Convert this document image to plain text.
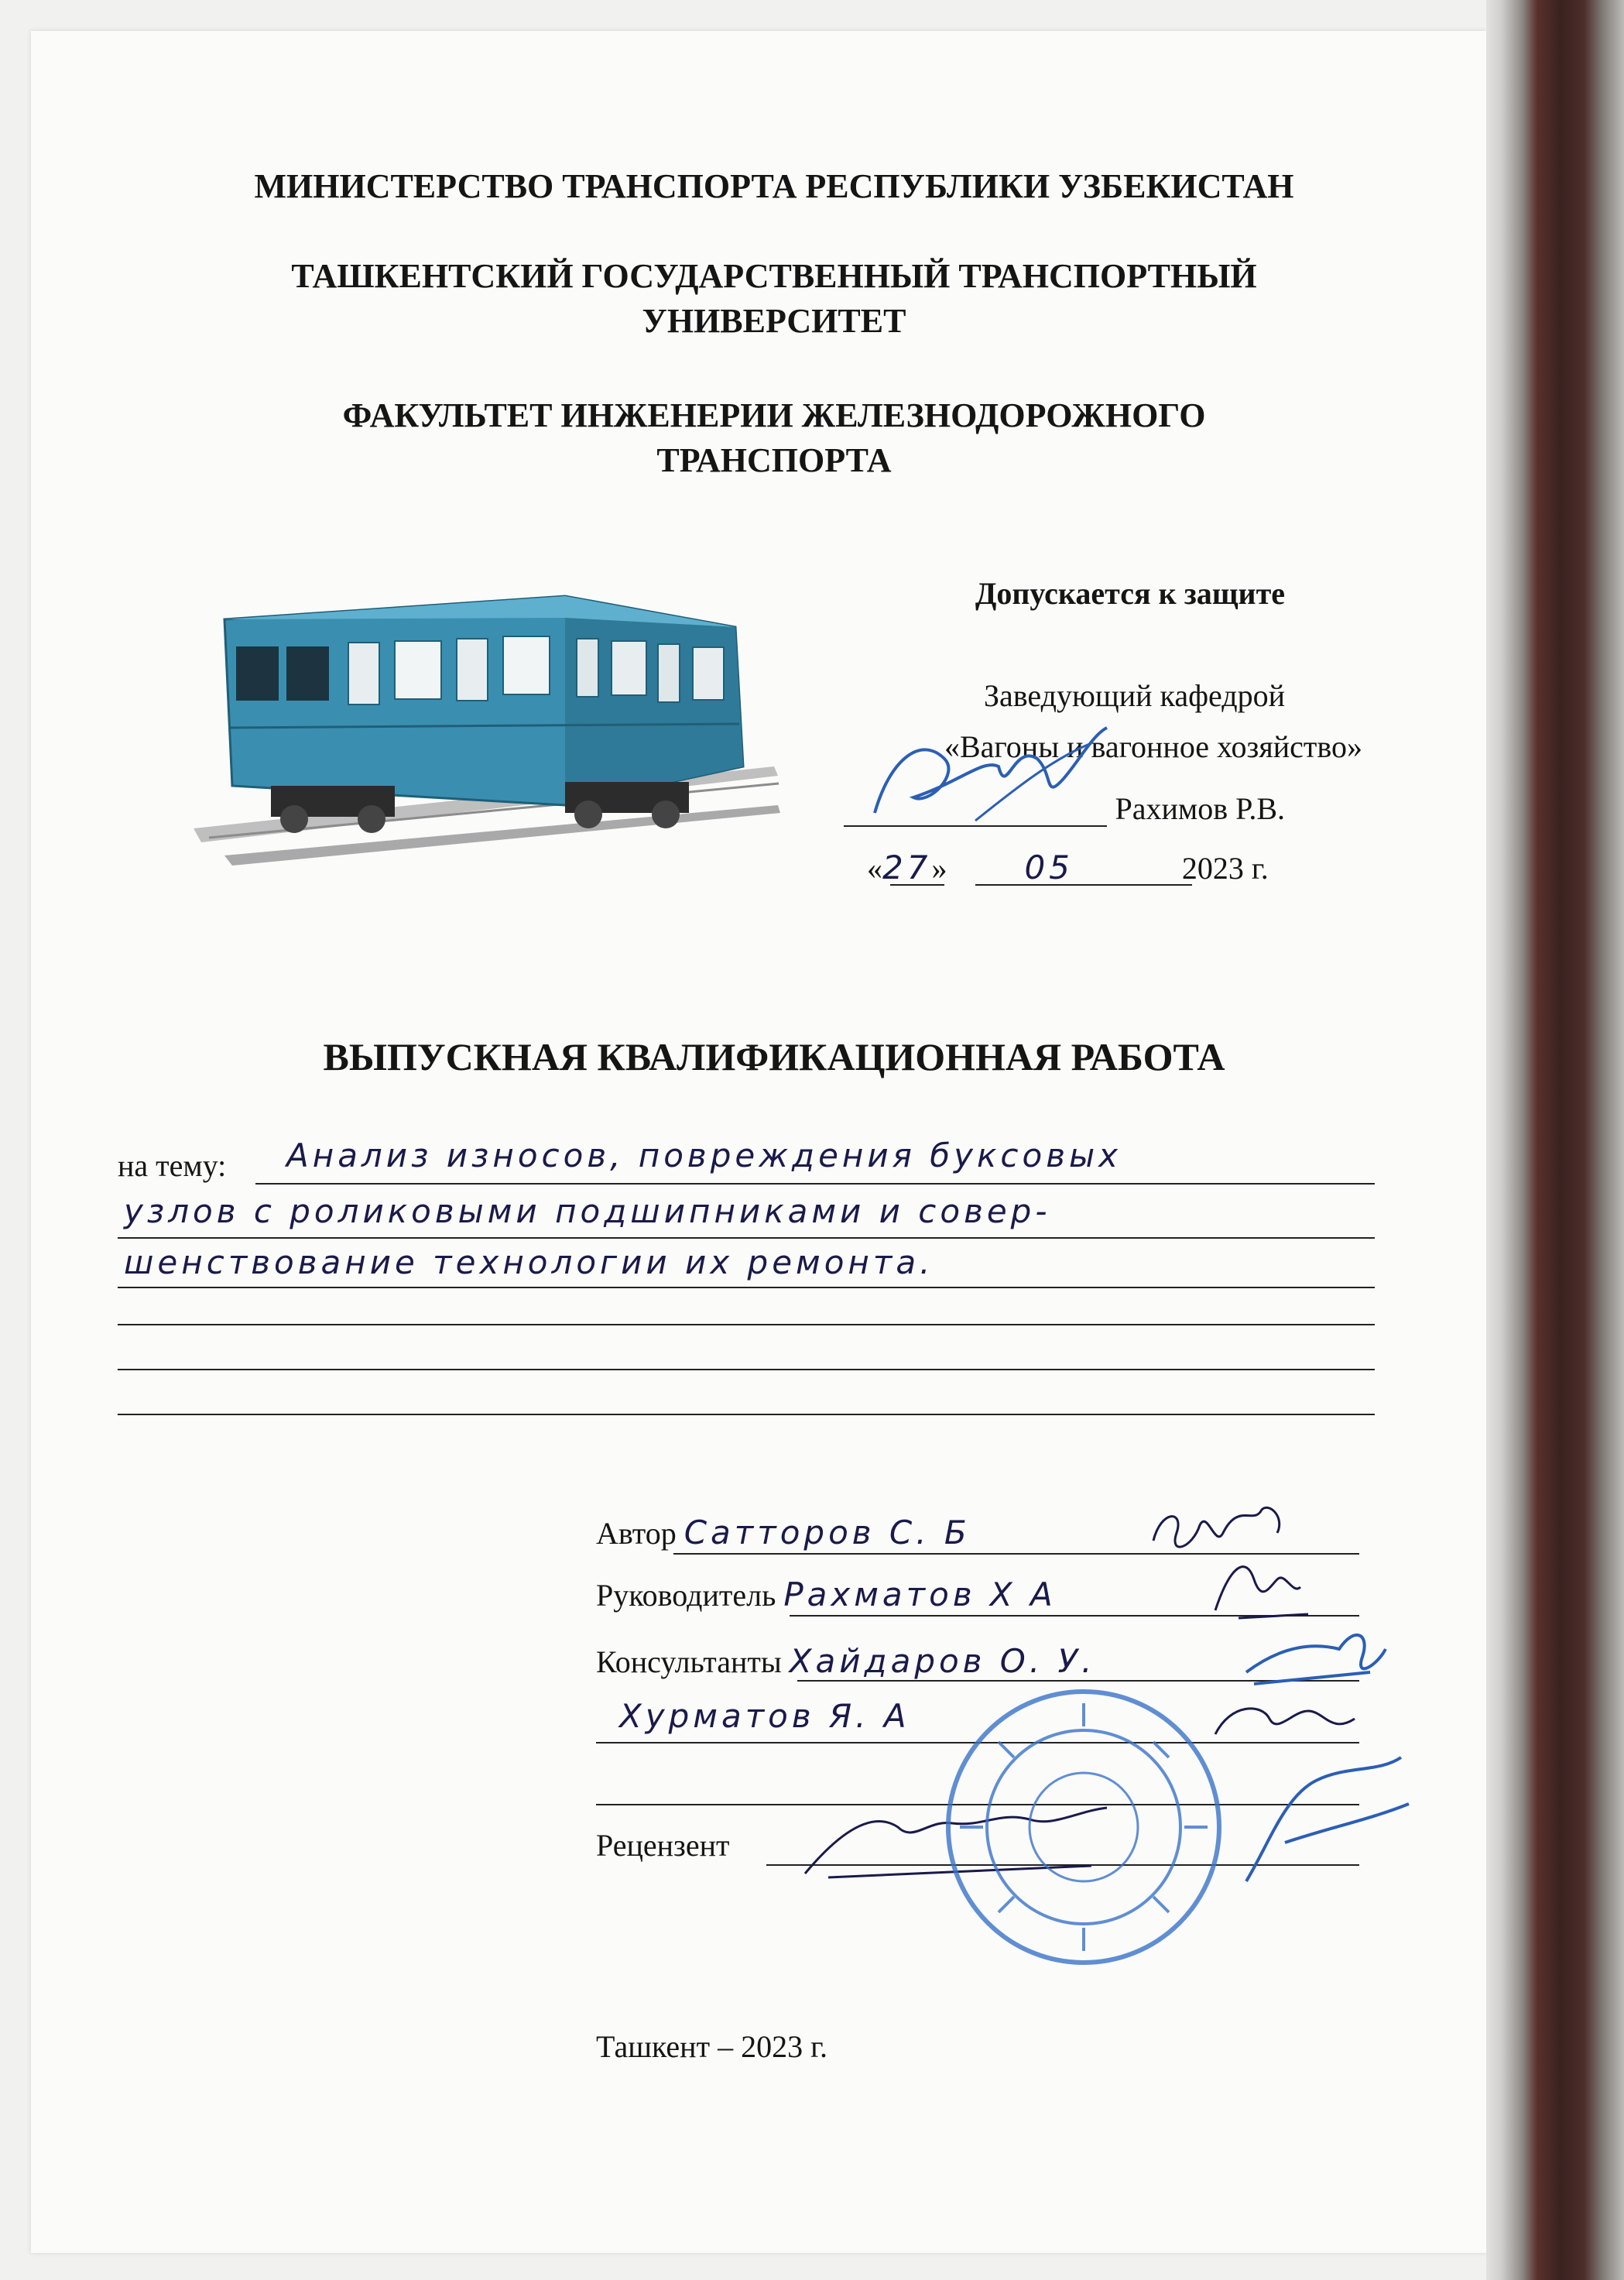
МИНИСТЕРСТВО ТРАНСПОРТА РЕСПУБЛИКИ УЗБЕКИСТАН
ТАШКЕНТСКИЙ ГОСУДАРСТВЕННЫЙ ТРАНСПОРТНЫЙ
УНИВЕРСИТЕТ
ФАКУЛЬТЕТ ИНЖЕНЕРИИ ЖЕЛЕЗНОДОРОЖНОГО
ТРАНСПОРТА
Допускается к защите
Заведующий кафедрой
«Вагоны и вагонное хозяйство»
Рахимов Р.В.
«27» 05	2023 г.
ВЫПУСКНАЯ КВАЛИФИКАЦИОННАЯ РАБОТА
на тему: Анализ износов, повреждения буксовых
узлов с роликовыми подшипниками и совер-
шенствование технологии их ремонта.
Автор Сатторов С. Б
Руководитель Рахматов Х А
Консультанты Хайдаров О. У.
Хурматов Я. А
Рецензент
Ташкент – 2023 г.
